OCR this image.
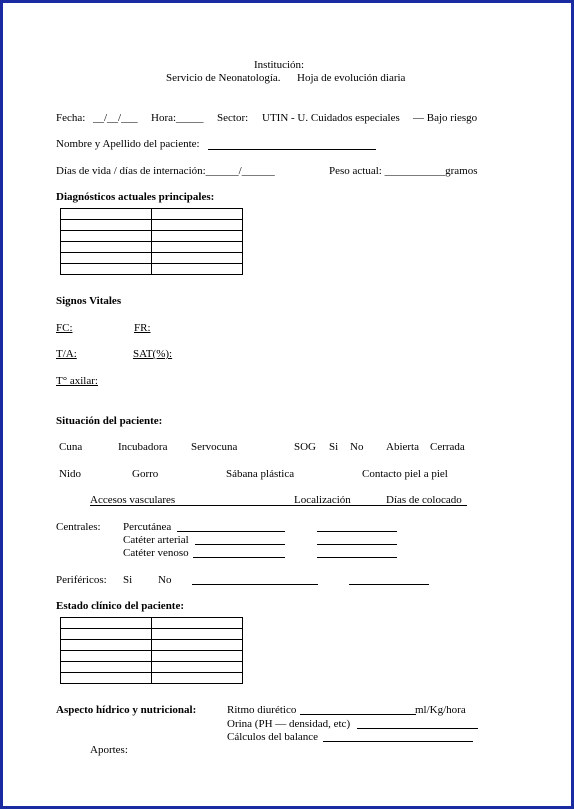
Institución:
Servicio de Neonatología. Hoja de evolución diaria
Fecha: __/__/___ Hora:_____ Sector: UTIN - U. Cuidados especiales — Bajo riesgo
Nombre y Apellido del paciente:
Días de vida / días de internación:______/______	Peso actual: ___________gramos
Diagnósticos actuales principales:

Signos Vitales
FC:	FR:
T/A:	SAT(%):
T° axilar:
Situación del paciente:
Cuna	Incubadora Servocuna	SOG Si No Abierta Cerrada
Nido	Gorro	Sábana plástica	Contacto piel a piel
Accesos vasculares	Localización	Días de colocado
Centrales: Percutánea
Catéter arterial
Catéter venoso
Periféricos: Si No
Estado clínico del paciente:

Aspecto hídrico y nutricional:	Ritmo diurético	ml/Kg/hora
Orina (PH — densidad, etc)
Cálculos del balance
Aportes:
